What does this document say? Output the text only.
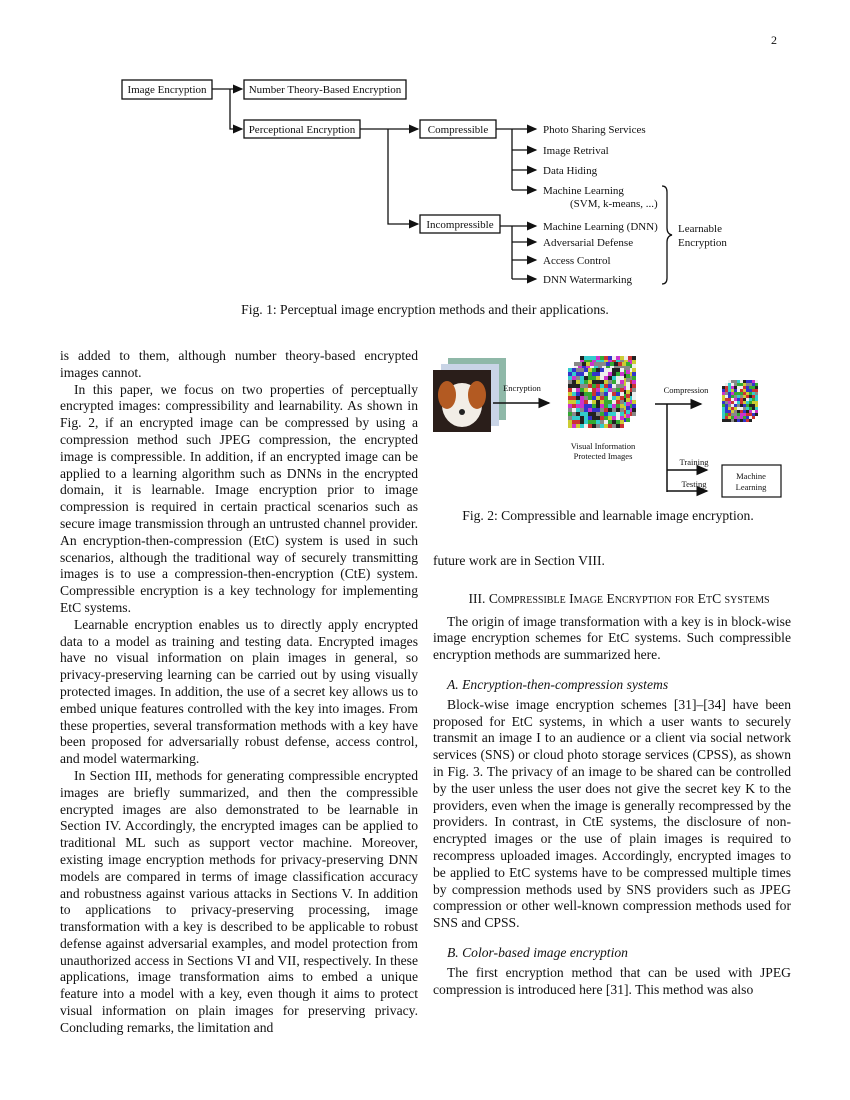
2
Image Encryption	Number Theory-Based Encryption
Perceptional Encryption	Compressible
Incompressible
Photo Sharing Services
Image Retrival
Data Hiding
Machine Learning
(SVM, k-means, ...)
Machine Learning (DNN)
Adversarial Defense
Access Control
DNN Watermarking
Learnable
Encryption
Fig. 1: Perceptual image encryption methods and their applications.
Encryption
Visual Information
Protected Images
Compression
Training
Testing
Machine
Learning
Fig. 2: Compressible and learnable image encryption.

is added to them, although number theory-based encrypted images cannot.

In this paper, we focus on two properties of perceptually encrypted images: compressibility and learnability. As shown in Fig. 2, if an encrypted image can be compressed by using a compression method such JPEG compression, the encrypted image is compressible. In addition, if an encrypted image can be applied to a learning algorithm such as DNNs in the encrypted domain, it is learnable. Image encryption prior to image compression is required in certain practical scenarios such as secure image transmission through an untrusted channel provider. An encryption-then-compression (EtC) system is used in such scenarios, although the traditional way of securely transmitting images is to use a compression-then-encryption (CtE) system. Compressible encryption is a key technology for implementing EtC systems.

Learnable encryption enables us to directly apply encrypted data to a model as training and testing data. Encrypted images have no visual information on plain images in general, so privacy-preserving learning can be carried out by using visually protected images. In addition, the use of a secret key allows us to embed unique features controlled with the key into images. From these properties, several transformation methods with a key have been proposed for adversarially robust defense, access control, and model watermarking.

In Section III, methods for generating compressible encrypted images are briefly summarized, and then the compressible encrypted images are also demonstrated to be learnable in Section IV. Accordingly, the encrypted images can be applied to traditional ML such as support vector machine. Moreover, existing image encryption methods for privacy-preserving DNN models are compared in terms of image classification accuracy and robustness against various attacks in Sections V. In addition to applications to privacy-preserving processing, image transformation with a key is described to be applicable to robust defense against adversarial examples, and model protection from unauthorized access in Sections VI and VII, respectively. In these applications, image transformation aims to embed a unique feature into a model with a key, even though it aims to protect visual information on plain images for preserving privacy. Concluding remarks, the limitation and

future work are in Section VIII.

III. Compressible Image Encryption for EtC systems

The origin of image transformation with a key is in block-wise image encryption schemes for EtC systems. Such compressible encryption methods are summarized here.

A. Encryption-then-compression systems

Block-wise image encryption schemes [31]–[34] have been proposed for EtC systems, in which a user wants to securely transmit an image I to an audience or a client via social network services (SNS) or cloud photo storage services (CPSS), as shown in Fig. 3. The privacy of an image to be shared can be controlled by the user unless the user does not give the secret key K to the providers, even when the image is generally recompressed by the providers. In contrast, in CtE systems, the disclosure of non-encrypted images or the use of plain images is required to recompress uploaded images. Accordingly, encrypted images to be applied to EtC systems have to be compressed multiple times by compression methods used by SNS providers such as JPEG compression or other well-known compression methods used for SNS and CPSS.

B. Color-based image encryption

The first encryption method that can be used with JPEG compression is introduced here [31]. This method was also
